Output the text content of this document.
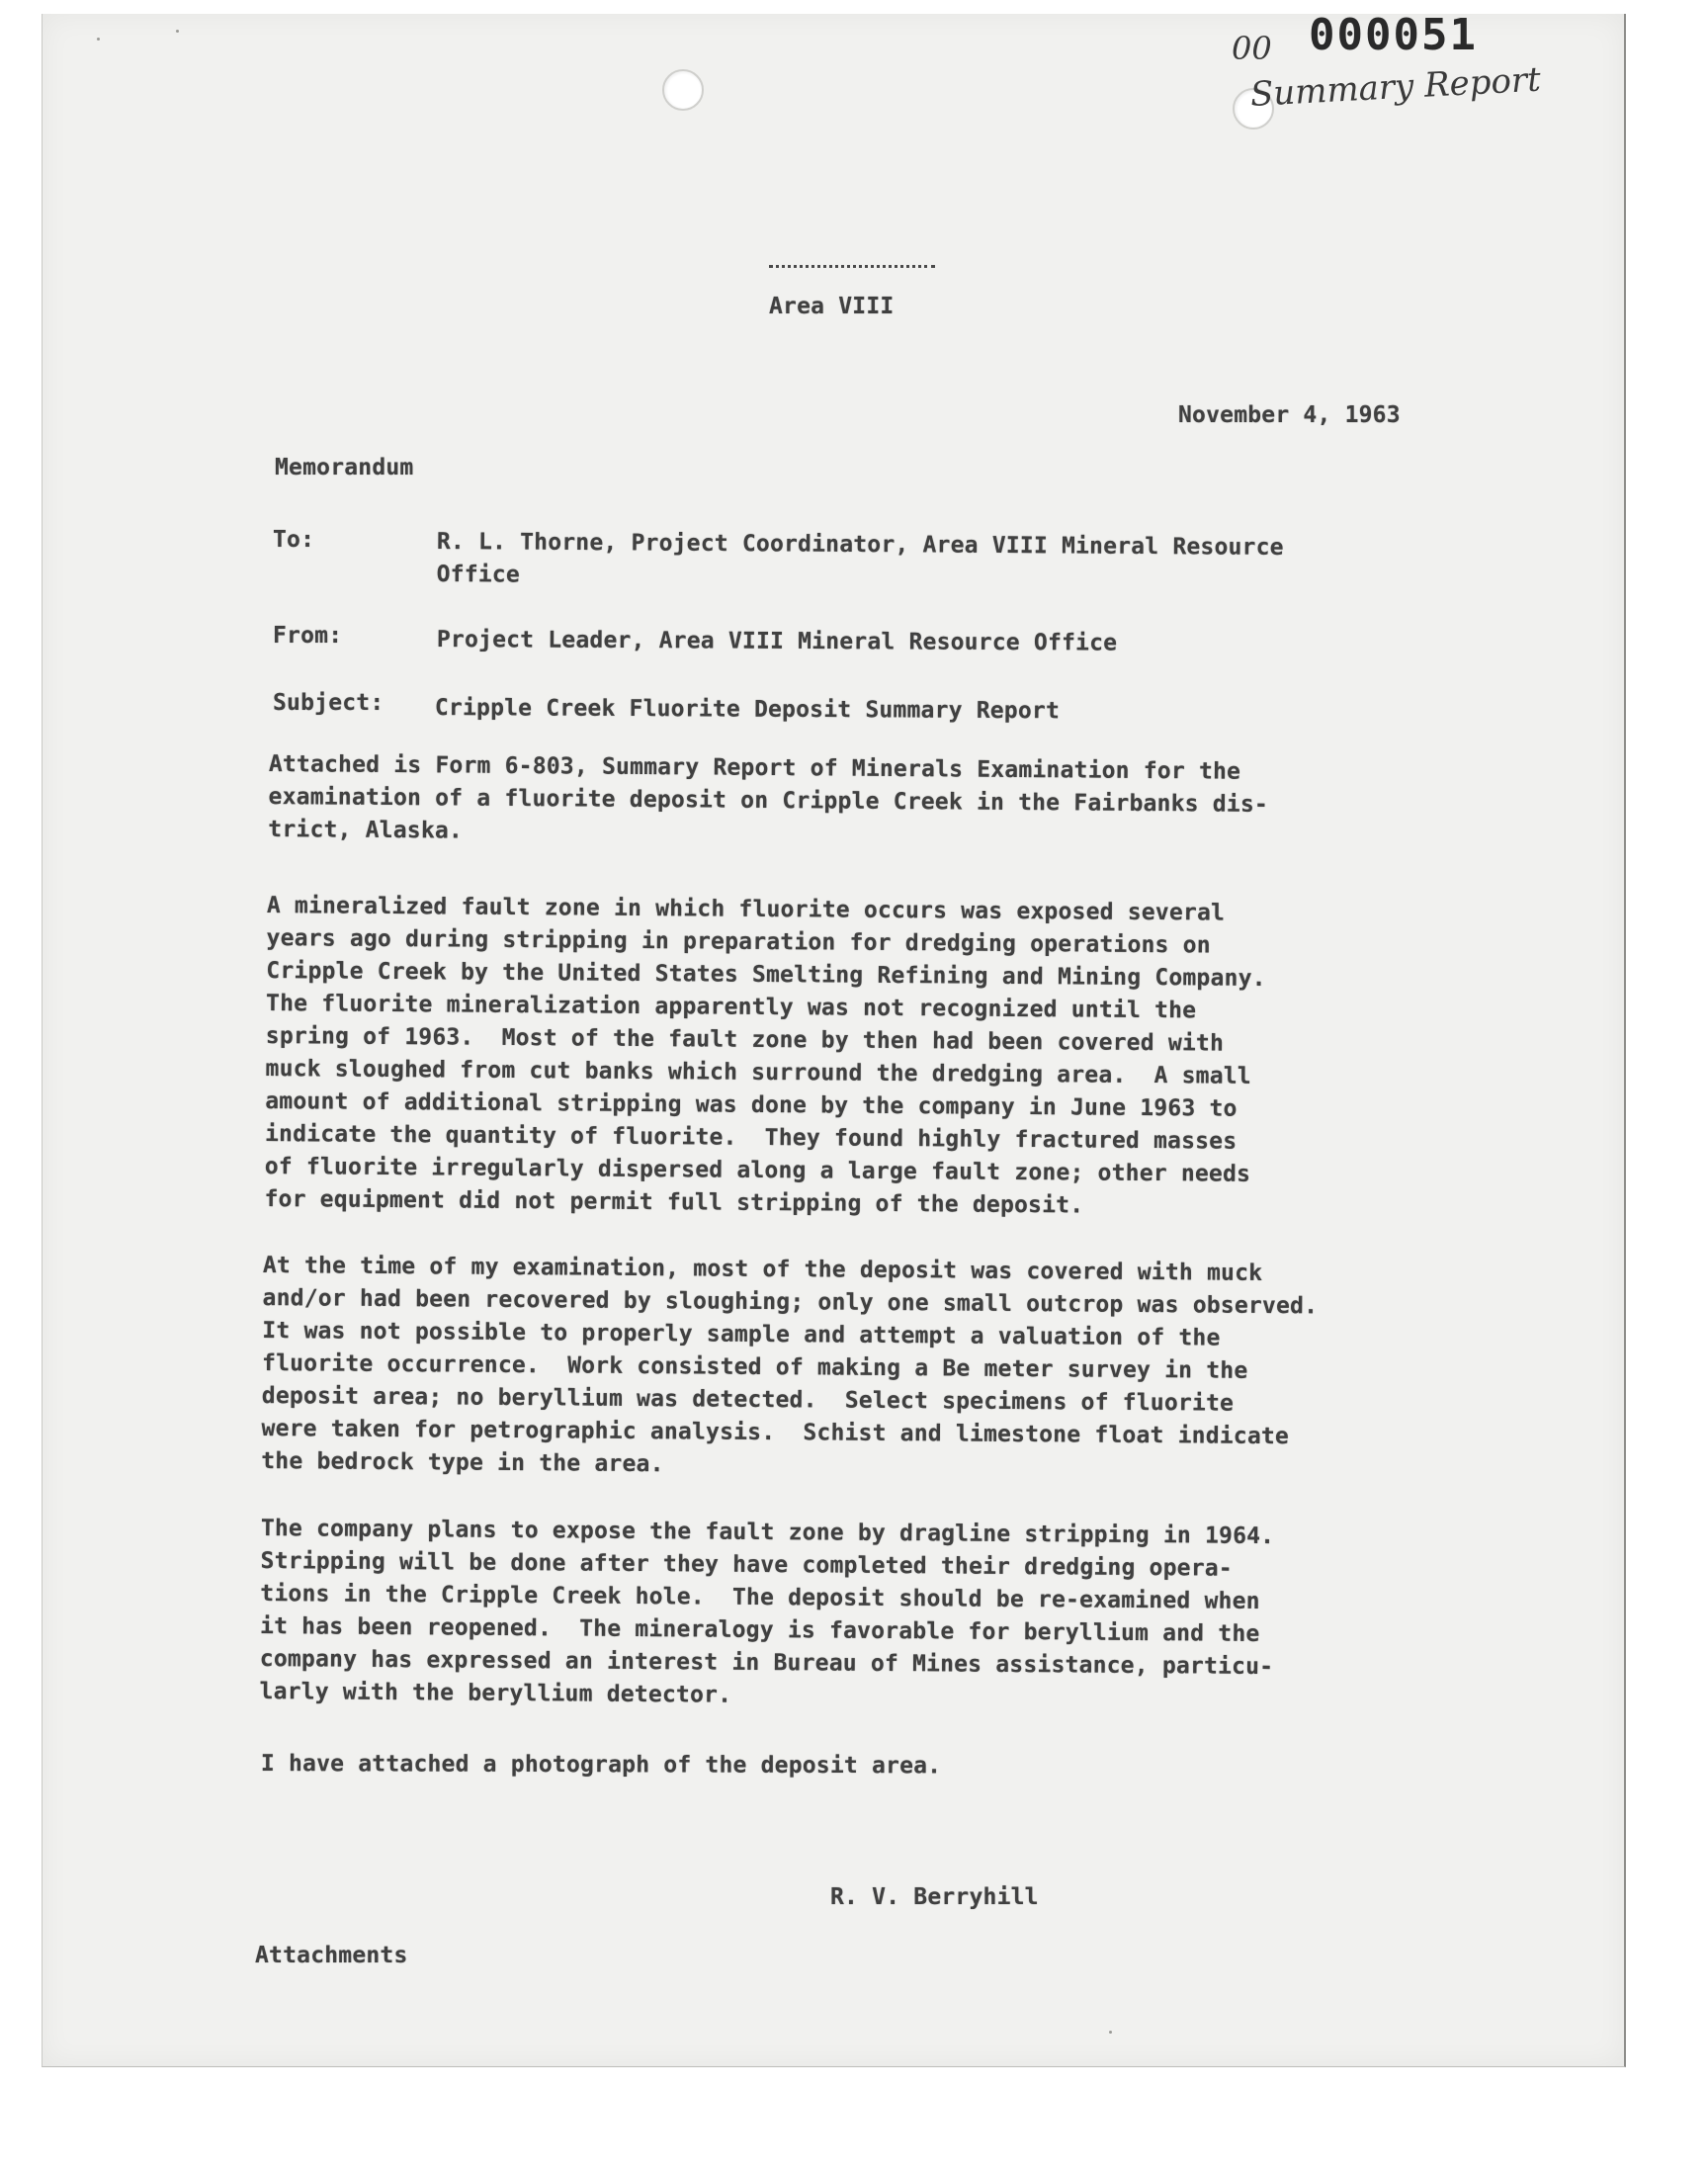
000051
00
Summary Report
Area VIII
November 4, 1963
Memorandum
To:	R. L. Thorne, Project Coordinator, Area VIII Mineral Resource
Office
From:	Project Leader, Area VIII Mineral Resource Office
Subject: Cripple Creek Fluorite Deposit Summary Report
Attached is Form 6-803, Summary Report of Minerals Examination for the
examination of a fluorite deposit on Cripple Creek in the Fairbanks dis-
trict, Alaska.
A mineralized fault zone in which fluorite occurs was exposed several
years ago during stripping in preparation for dredging operations on
Cripple Creek by the United States Smelting Refining and Mining Company.
The fluorite mineralization apparently was not recognized until the
spring of 1963.  Most of the fault zone by then had been covered with
muck sloughed from cut banks which surround the dredging area.  A small
amount of additional stripping was done by the company in June 1963 to
indicate the quantity of fluorite.  They found highly fractured masses
of fluorite irregularly dispersed along a large fault zone; other needs
for equipment did not permit full stripping of the deposit.
At the time of my examination, most of the deposit was covered with muck
and/or had been recovered by sloughing; only one small outcrop was observed.
It was not possible to properly sample and attempt a valuation of the
fluorite occurrence.  Work consisted of making a Be meter survey in the
deposit area; no beryllium was detected.  Select specimens of fluorite
were taken for petrographic analysis.  Schist and limestone float indicate
the bedrock type in the area.
The company plans to expose the fault zone by dragline stripping in 1964.
Stripping will be done after they have completed their dredging opera-
tions in the Cripple Creek hole.  The deposit should be re-examined when
it has been reopened.  The mineralogy is favorable for beryllium and the
company has expressed an interest in Bureau of Mines assistance, particu-
larly with the beryllium detector.
I have attached a photograph of the deposit area.
R. V. Berryhill
Attachments
